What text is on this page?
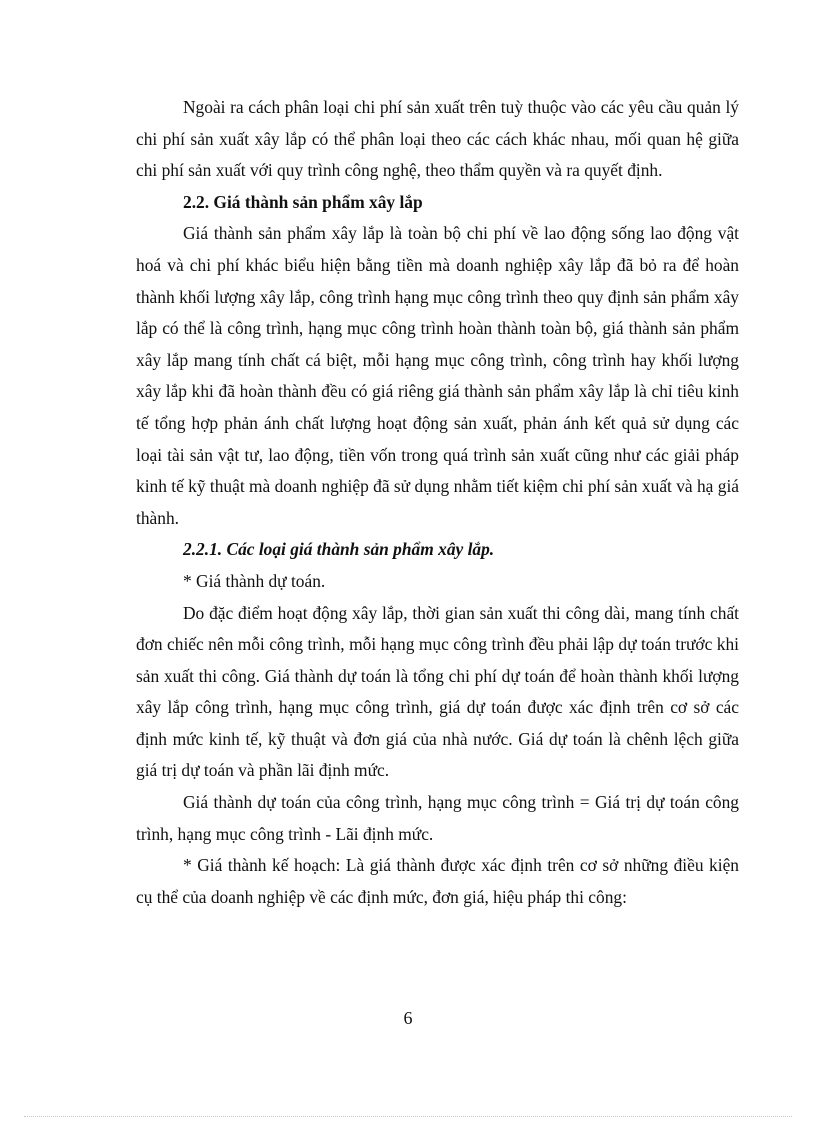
Ngoài ra cách phân loại chi phí sản xuất trên tuỳ thuộc vào các yêu cầu quản lý chi phí sản xuất xây lắp có thể phân loại theo các cách khác nhau, mối quan hệ giữa chi phí sản xuất với quy trình công nghệ, theo thẩm quyền và ra quyết định.

2.2. Giá thành sản phẩm xây lắp

Giá thành sản phẩm xây lắp là toàn bộ chi phí về lao động sống lao động vật hoá và chi phí khác biểu hiện bằng tiền mà doanh nghiệp xây lắp đã bỏ ra để hoàn thành khối lượng xây lắp, công trình hạng mục công trình theo quy định sản phẩm xây lắp có thể là công trình, hạng mục công trình hoàn thành toàn bộ, giá thành sản phẩm xây lắp mang tính chất cá biệt, mỗi hạng mục công trình, công trình hay khối lượng xây lắp khi đã hoàn thành đều có giá riêng giá thành sản phẩm xây lắp là chỉ tiêu kinh tế tổng hợp phản ánh chất lượng hoạt động sản xuất, phản ánh kết quả sử dụng các loại tài sản vật tư, lao động, tiền vốn trong quá trình sản xuất cũng như các giải pháp kinh tế kỹ thuật mà doanh nghiệp đã sử dụng nhằm tiết kiệm chi phí sản xuất và hạ giá thành.

2.2.1. Các loại giá thành sản phẩm xây lắp.

* Giá thành dự toán.

Do đặc điểm hoạt động xây lắp, thời gian sản xuất thi công dài, mang tính chất đơn chiếc nên mỗi công trình, mỗi hạng mục công trình đều phải lập dự toán trước khi sản xuất thi công. Giá thành dự toán là tổng chi phí dự toán để hoàn thành khối lượng xây lắp công trình, hạng mục công trình, giá dự toán được xác định trên cơ sở các định mức kinh tế, kỹ thuật và đơn giá của nhà nước. Giá dự toán là chênh lệch giữa giá trị dự toán và phần lãi định mức.

Giá thành dự toán của công trình, hạng mục công trình = Giá trị dự toán công trình, hạng mục công trình - Lãi định mức.

* Giá thành kế hoạch: Là giá thành được xác định trên cơ sở những điều kiện cụ thể của doanh nghiệp về các định mức, đơn giá, hiệu pháp thi công:

6
